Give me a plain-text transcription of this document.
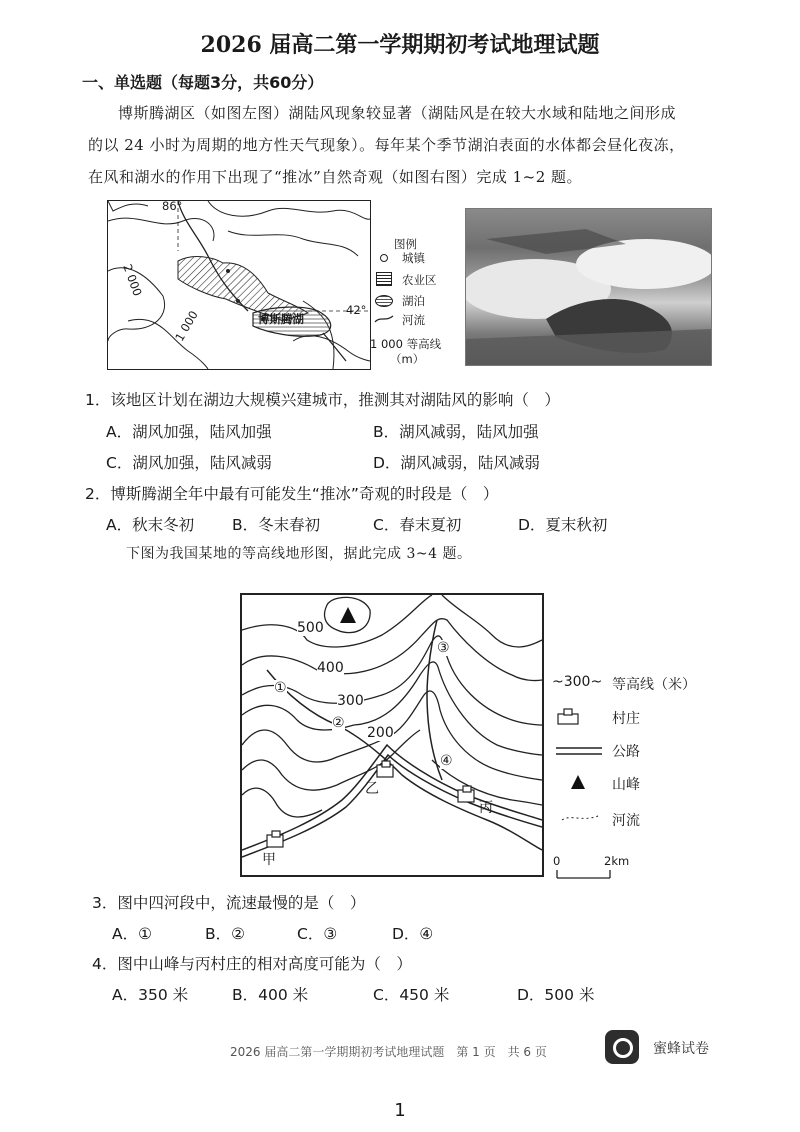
2026 届高二第一学期期初考试地理试题
一、单选题（每题3分，共60分）
博斯腾湖区（如图左图）湖陆风现象较显著（湖陆风是在较大水域和陆地之间形成
的以 24 小时为周期的地方性天气现象）。每年某个季节湖泊表面的水体都会昼化夜冻，
在风和湖水的作用下出现了“推冰”自然奇观（如图右图）完成 1~2 题。
86°
42°
2 000
1 000	博斯腾湖
图例
城镇
农业区
湖泊
河流
1 000 等高线
（m）
1．该地区计划在湖边大规模兴建城市，推测其对湖陆风的影响（　）
A．湖风加强，陆风加强	B．湖风减弱，陆风加强
C．湖风加强，陆风减弱	D．湖风减弱，陆风减弱
2．博斯腾湖全年中最有可能发生“推冰”奇观的时段是（　）
A．秋末冬初 B．冬末春初	C．春末夏初	D．夏末秋初
下图为我国某地的等高线地形图，据此完成 3~4 题。
500
400
300
200
①
②
③
④
甲
乙
丙
~300~ 等高线（米）
村庄
公路
山峰
河流
0	2km
3．图中四河段中，流速最慢的是（　）
A．①	B．②	C．③	D．④
4．图中山峰与丙村庄的相对高度可能为（　）
A．350 米	B．400 米	C．450 米	D．500 米
2026 届高二第一学期期初考试地理试题　第 1 页　共 6 页	蜜蜂试卷
1
